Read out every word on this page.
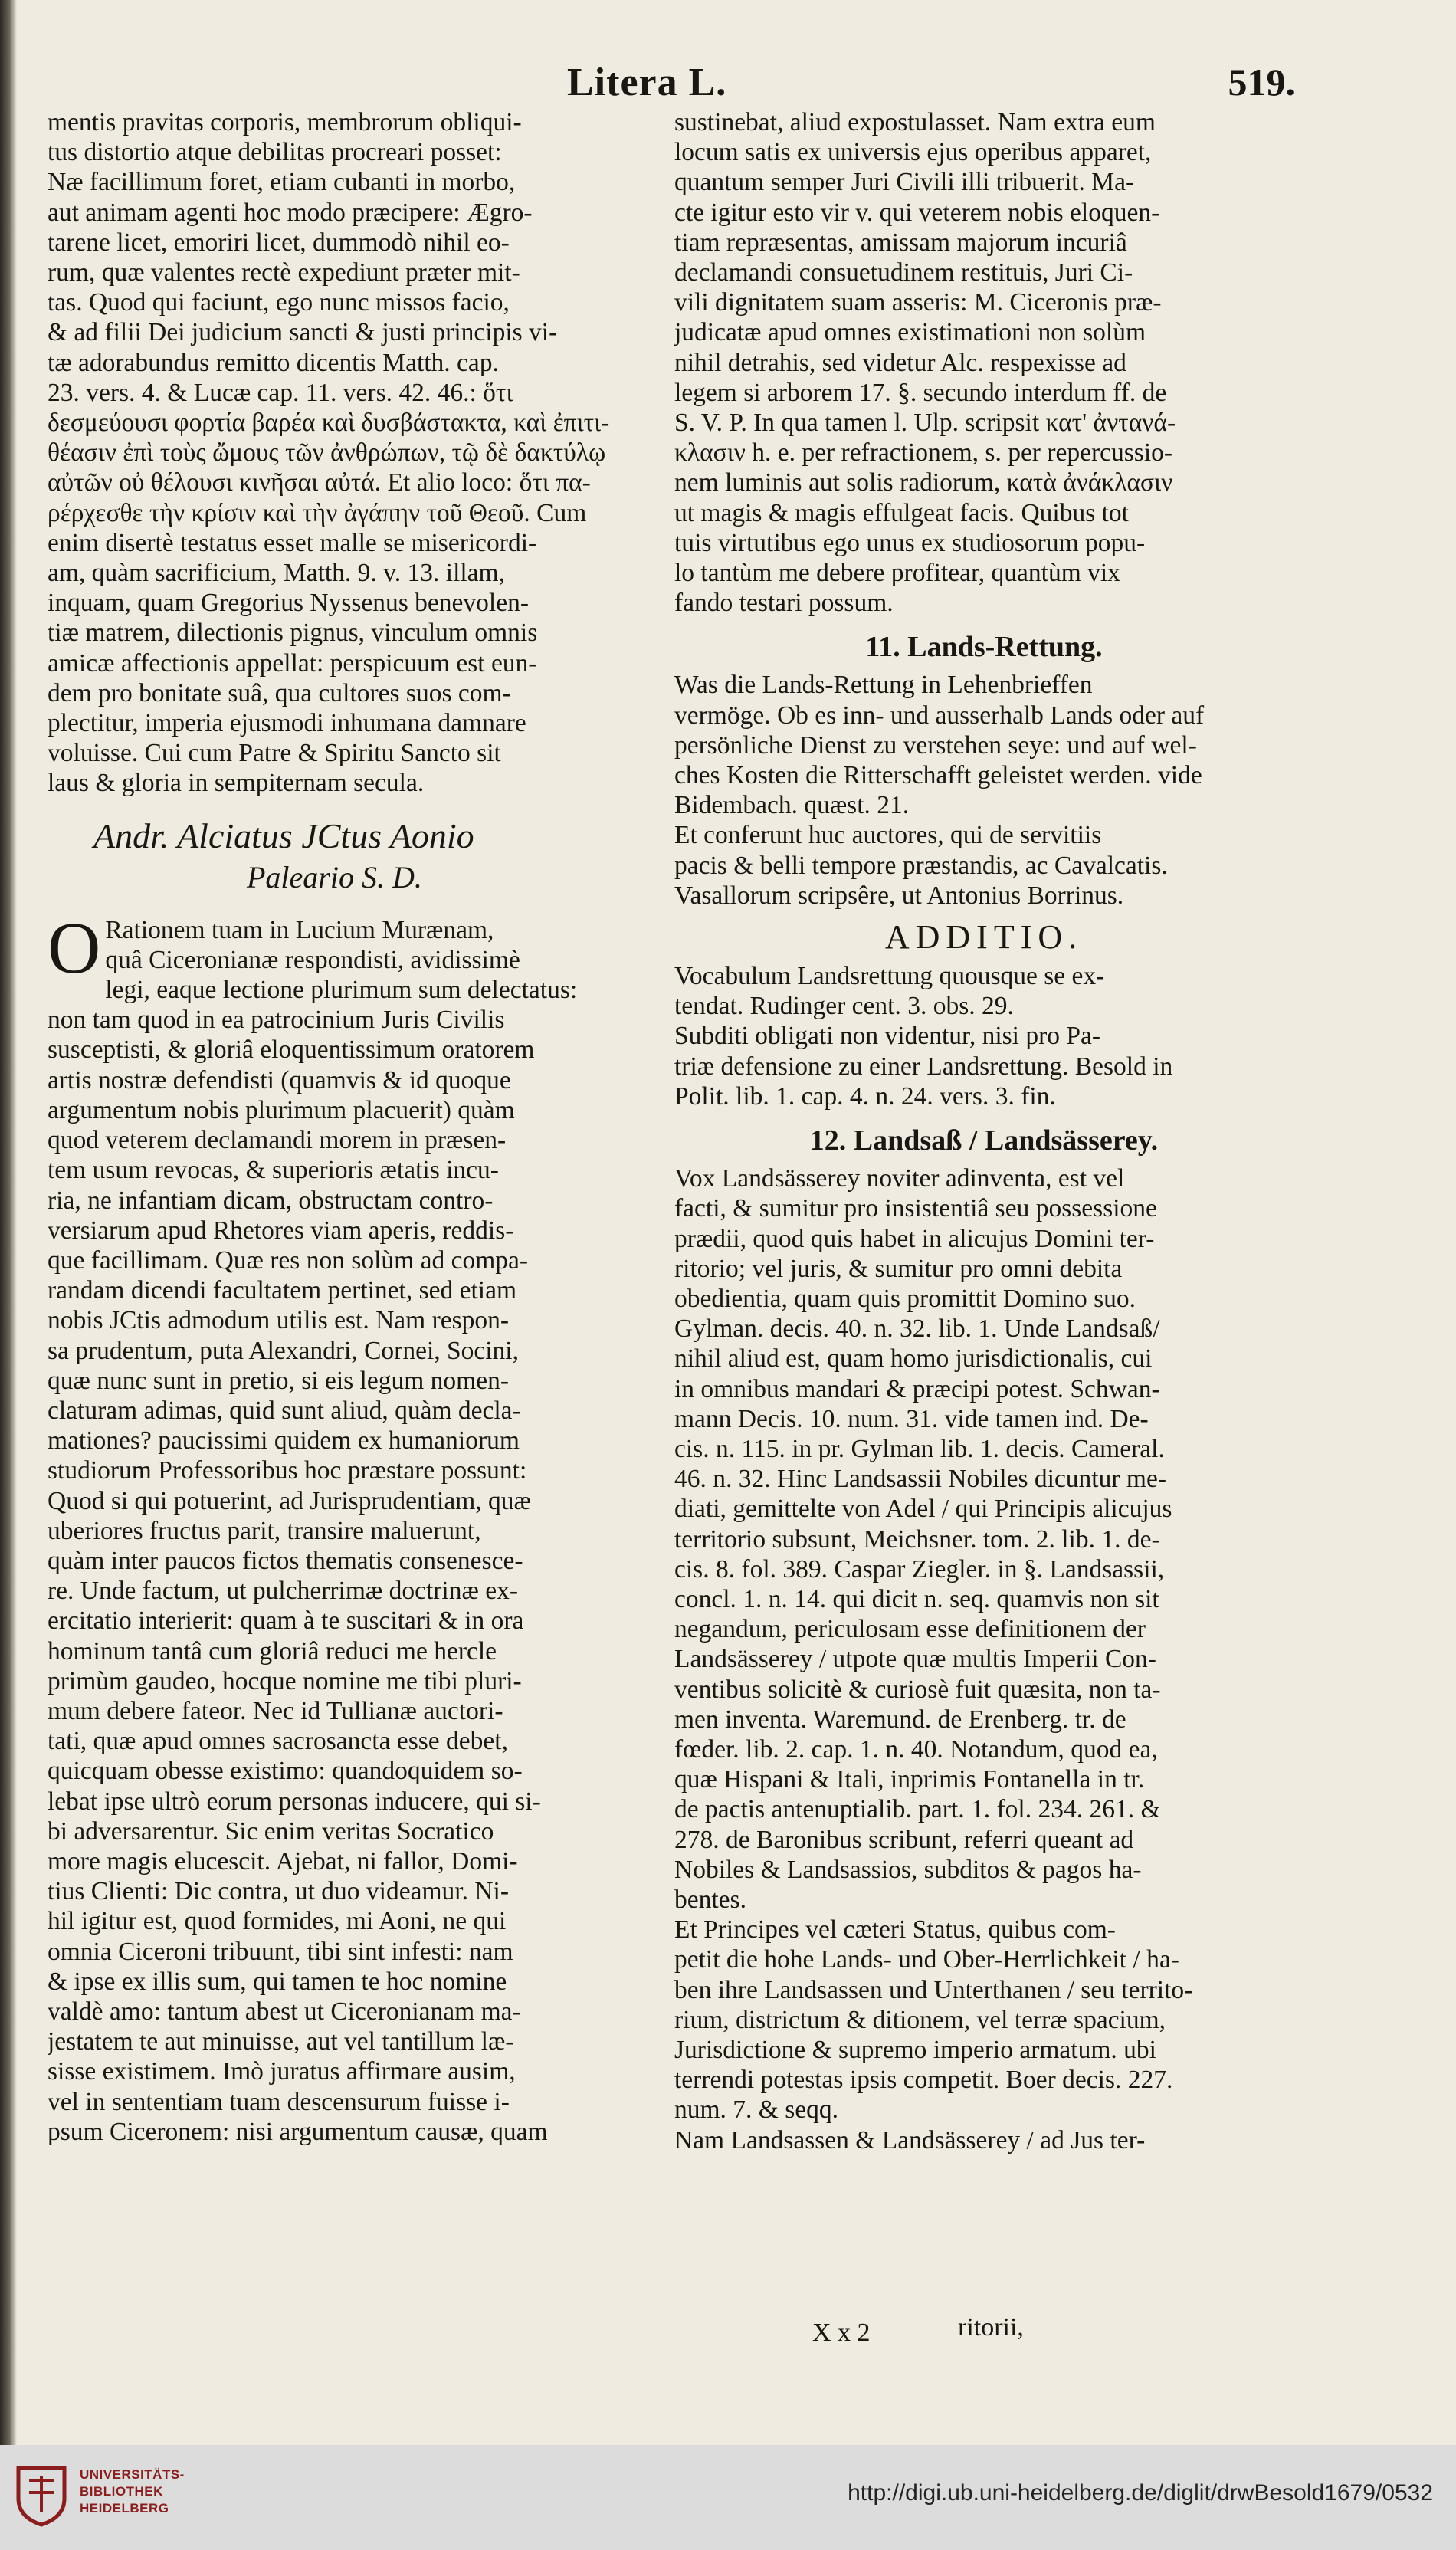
Litera L.	519.
mentis pravitas corporis, membrorum obliqui-
tus distortio atque debilitas procreari posset:
Næ facillimum foret, etiam cubanti in morbo,
aut animam agenti hoc modo præcipere: Ægro-
tarene licet, emoriri licet, dummodò nihil eo-
rum, quæ valentes rectè expediunt præter mit-
tas. Quod qui faciunt, ego nunc missos facio,
& ad filii Dei judicium sancti & justi principis vi-
tæ adorabundus remitto dicentis Matth. cap.
23. vers. 4. & Lucæ cap. 11. vers. 42. 46.: ὅτι
δεσμεύουσι φορτία βαρέα καὶ δυσβάστακτα, καὶ ἐπιτι-
θέασιν ἐπὶ τοὺς ὤμους τῶν ἀνθρώπων, τῷ δὲ δακτύλῳ
αὐτῶν οὐ θέλουσι κινῆσαι αὐτά. Et alio loco: ὅτι πα-
ρέρχεσθε τὴν κρίσιν καὶ τὴν ἀγάπην τοῦ Θεοῦ. Cum
enim disertè testatus esset malle se misericordi-
am, quàm sacrificium, Matth. 9. v. 13. illam,
inquam, quam Gregorius Nyssenus benevolen-
tiæ matrem, dilectionis pignus, vinculum omnis
amicæ affectionis appellat: perspicuum est eun-
dem pro bonitate suâ, qua cultores suos com-
plectitur, imperia ejusmodi inhumana damnare
voluisse. Cui cum Patre & Spiritu Sancto sit
laus & gloria in sempiternam secula.
Andr. Alciatus JCtus Aonio
Paleario S. D.
O Rationem tuam in Lucium Murænam,
quâ Ciceronianæ respondisti, avidissimè
legi, eaque lectione plurimum sum delectatus:
non tam quod in ea patrocinium Juris Civilis
susceptisti, & gloriâ eloquentissimum oratorem
artis nostræ defendisti (quamvis & id quoque
argumentum nobis plurimum placuerit) quàm
quod veterem declamandi morem in præsen-
tem usum revocas, & superioris ætatis incu-
ria, ne infantiam dicam, obstructam contro-
versiarum apud Rhetores viam aperis, reddis-
que facillimam. Quæ res non solùm ad compa-
randam dicendi facultatem pertinet, sed etiam
nobis JCtis admodum utilis est. Nam respon-
sa prudentum, puta Alexandri, Cornei, Socini,
quæ nunc sunt in pretio, si eis legum nomen-
claturam adimas, quid sunt aliud, quàm decla-
mationes? paucissimi quidem ex humaniorum
studiorum Professoribus hoc præstare possunt:
Quod si qui potuerint, ad Jurisprudentiam, quæ
uberiores fructus parit, transire maluerunt,
quàm inter paucos fictos thematis consenesce-
re. Unde factum, ut pulcherrimæ doctrinæ ex-
ercitatio interierit: quam à te suscitari & in ora
hominum tantâ cum gloriâ reduci me hercle
primùm gaudeo, hocque nomine me tibi pluri-
mum debere fateor. Nec id Tullianæ auctori-
tati, quæ apud omnes sacrosancta esse debet,
quicquam obesse existimo: quandoquidem so-
lebat ipse ultrò eorum personas inducere, qui si-
bi adversarentur. Sic enim veritas Socratico
more magis elucescit. Ajebat, ni fallor, Domi-
tius Clienti: Dic contra, ut duo videamur. Ni-
hil igitur est, quod formides, mi Aoni, ne qui
omnia Ciceroni tribuunt, tibi sint infesti: nam
& ipse ex illis sum, qui tamen te hoc nomine
valdè amo: tantum abest ut Ciceronianam ma-
jestatem te aut minuisse, aut vel tantillum læ-
sisse existimem. Imò juratus affirmare ausim,
vel in sententiam tuam descensurum fuisse i-
psum Ciceronem: nisi argumentum causæ, quam
sustinebat, aliud expostulasset. Nam extra eum
locum satis ex universis ejus operibus apparet,
quantum semper Juri Civili illi tribuerit. Ma-
cte igitur esto vir v. qui veterem nobis eloquen-
tiam repræsentas, amissam majorum incuriâ
declamandi consuetudinem restituis, Juri Ci-
vili dignitatem suam asseris: M. Ciceronis præ-
judicatæ apud omnes existimationi non solùm
nihil detrahis, sed videtur Alc. respexisse ad
legem si arborem 17. §. secundo interdum ff. de
S. V. P. In qua tamen l. Ulp. scripsit κατ' ἀντανά-
κλασιν h. e. per refractionem, s. per repercussio-
nem luminis aut solis radiorum, κατὰ ἀνάκλασιν
ut magis & magis effulgeat facis. Quibus tot
tuis virtutibus ego unus ex studiosorum popu-
lo tantùm me debere profitear, quantùm vix
fando testari possum.
11. Lands-Rettung.
Was die Lands-Rettung in Lehenbrieffen
vermöge. Ob es inn- und ausserhalb Lands oder auf
persönliche Dienst zu verstehen seye: und auf wel-
ches Kosten die Ritterschafft geleistet werden. vide
Bidembach. quæst. 21.
Et conferunt huc auctores, qui de servitiis
pacis & belli tempore præstandis, ac Cavalcatis.
Vasallorum scripsêre, ut Antonius Borrinus.
ADDITIO.
Vocabulum Landsrettung quousque se ex-
tendat. Rudinger cent. 3. obs. 29.
Subditi obligati non videntur, nisi pro Pa-
triæ defensione zu einer Landsrettung. Besold in
Polit. lib. 1. cap. 4. n. 24. vers. 3. fin.
12. Landsaß / Landsässerey.
Vox Landsässerey noviter adinventa, est vel
facti, & sumitur pro insistentiâ seu possessione
prædii, quod quis habet in alicujus Domini ter-
ritorio; vel juris, & sumitur pro omni debita
obedientia, quam quis promittit Domino suo.
Gylman. decis. 40. n. 32. lib. 1. Unde Landsaß/
nihil aliud est, quam homo jurisdictionalis, cui
in omnibus mandari & præcipi potest. Schwan-
mann Decis. 10. num. 31. vide tamen ind. De-
cis. n. 115. in pr. Gylman lib. 1. decis. Cameral.
46. n. 32. Hinc Landsassii Nobiles dicuntur me-
diati, gemittelte von Adel / qui Principis alicujus
territorio subsunt, Meichsner. tom. 2. lib. 1. de-
cis. 8. fol. 389. Caspar Ziegler. in §. Landsassii,
concl. 1. n. 14. qui dicit n. seq. quamvis non sit
negandum, periculosam esse definitionem der
Landsässerey / utpote quæ multis Imperii Con-
ventibus solicitè & curiosè fuit quæsita, non ta-
men inventa. Waremund. de Erenberg. tr. de
fœder. lib. 2. cap. 1. n. 40. Notandum, quod ea,
quæ Hispani & Itali, inprimis Fontanella in tr.
de pactis antenuptialib. part. 1. fol. 234. 261. &
278. de Baronibus scribunt, referri queant ad
Nobiles & Landsassios, subditos & pagos ha-
bentes.
Et Principes vel cæteri Status, quibus com-
petit die hohe Lands- und Ober-Herrlichkeit / ha-
ben ihre Landsassen und Unterthanen / seu territo-
rium, districtum & ditionem, vel terræ spacium,
Jurisdictione & supremo imperio armatum. ubi
terrendi potestas ipsis competit. Boer decis. 227.
num. 7. & seqq.
Nam Landsassen & Landsässerey / ad Jus ter-
X x 2	ritorii,
UNIVERSITÄTS-
BIBLIOTHEK
HEIDELBERG
http://digi.ub.uni-heidelberg.de/diglit/drwBesold1679/0532
